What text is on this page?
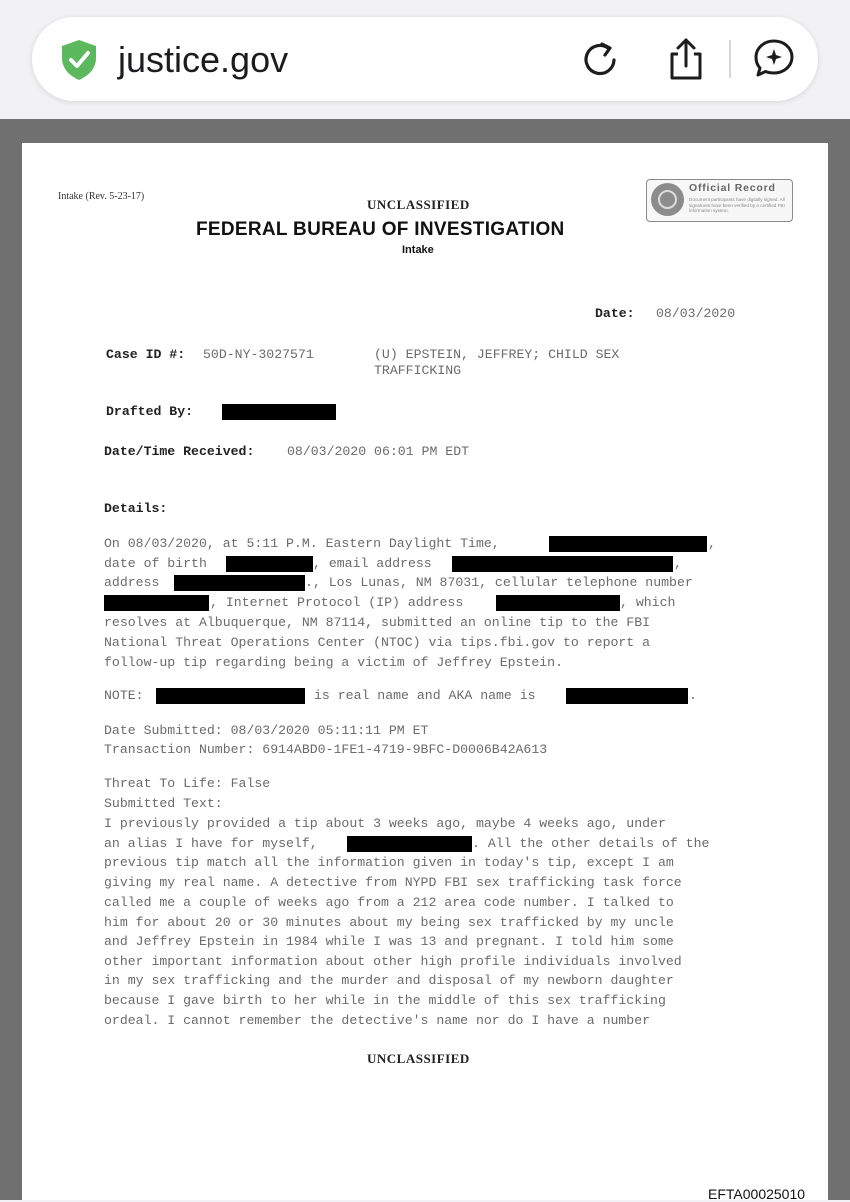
justice.gov
Intake (Rev. 5-23-17)
UNCLASSIFIED
FEDERAL BUREAU OF INVESTIGATION
Intake
Official Record
Document participants have digitally signed. All signatures have been verified by a certified FBI information system.
Date: 08/03/2020
Case ID #: 50D-NY-3027571	(U) EPSTEIN, JEFFREY; CHILD SEX
TRAFFICKING
Drafted By:
Date/Time Received: 08/03/2020 06:01 PM EDT
Details:
On 08/03/2020, at 5:11 P.M. Eastern Daylight Time,	,
date of birth	, email address	,
address	., Los Lunas, NM 87031, cellular telephone number
, Internet Protocol (IP) address	, which
resolves at Albuquerque, NM 87114, submitted an online tip to the FBI
National Threat Operations Center (NTOC) via tips.fbi.gov to report a
follow-up tip regarding being a victim of Jeffrey Epstein.
NOTE:	is real name and AKA name is	.
Date Submitted: 08/03/2020 05:11:11 PM ET
Transaction Number: 6914ABD0-1FE1-4719-9BFC-D0006B42A613
Threat To Life: False
Submitted Text:
I previously provided a tip about 3 weeks ago, maybe 4 weeks ago, under
an alias I have for myself,	. All the other details of the
previous tip match all the information given in today's tip, except I am
giving my real name. A detective from NYPD FBI sex trafficking task force
called me a couple of weeks ago from a 212 area code number. I talked to
him for about 20 or 30 minutes about my being sex trafficked by my uncle
and Jeffrey Epstein in 1984 while I was 13 and pregnant. I told him some
other important information about other high profile individuals involved
in my sex trafficking and the murder and disposal of my newborn daughter
because I gave birth to her while in the middle of this sex trafficking
ordeal. I cannot remember the detective's name nor do I have a number
UNCLASSIFIED
EFTA00025010
